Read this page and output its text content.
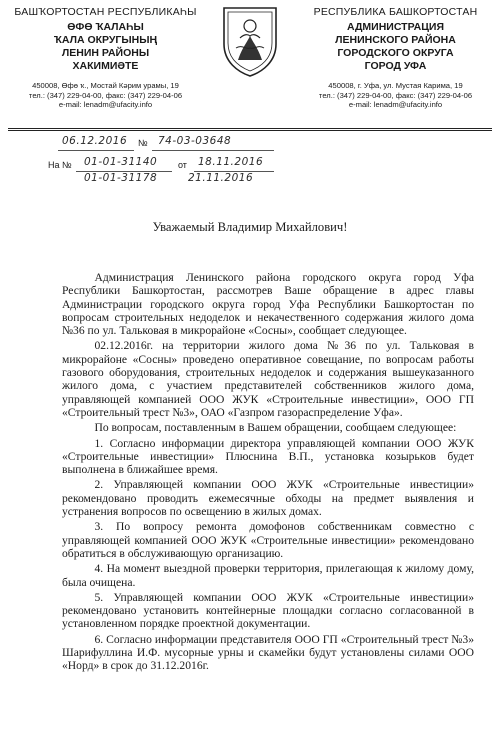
БАШҠОРТОСТАН РЕСПУБЛИКАҺЫ
ӨФӨ ҠАЛАҺЫ
ҠАЛА ОКРУГЫНЫҢ
ЛЕНИН РАЙОНЫ
ХАКИМИӘТЕ
450008, Өфө ҡ., Мостай Кәрим урамы, 19
тел.: (347) 229-04-00, факс: (347) 229-04-06
e-mail: lenadm@ufacity.info
РЕСПУБЛИКА БАШКОРТОСТАН
АДМИНИСТРАЦИЯ
ЛЕНИНСКОГО РАЙОНА
ГОРОДСКОГО ОКРУГА
ГОРОД УФА
450008, г. Уфа, ул. Мустая Карима, 19
тел.: (347) 229-04-00, факс: (347) 229-04-06
e-mail: lenadm@ufacity.info
06.12.2016 № 74-03-03648
На № 01-01-31140 от 18.11.2016
01-01-31178	21.11.2016
Уважаемый Владимир Михайлович!

Администрация Ленинского района городского округа город Уфа Республики Башкортостан, рассмотрев Ваше обращение в адрес главы Администрации городского округа город Уфа Республики Башкортостан по вопросам строительных недоделок и некачественного содержания жилого дома №36 по ул. Тальковая в микрорайоне «Сосны», сообщает следующее.

02.12.2016г. на территории жилого дома №36 по ул. Тальковая в микрорайоне «Сосны» проведено оперативное совещание, по вопросам работы газового оборудования, строительных недоделок и содержания вышеуказанного жилого дома, с участием представителей собственников жилого дома, управляющей компанией ООО ЖУК «Строительные инвестиции», ООО ГП «Строительный трест №3», ОАО «Газпром газораспределение Уфа».

По вопросам, поставленным в Вашем обращении, сообщаем следующее:

1. Согласно информации директора управляющей компании ООО ЖУК «Строительные инвестиции» Плюснина В.П., установка козырьков будет выполнена в ближайшее время.

2. Управляющей компании ООО ЖУК «Строительные инвестиции» рекомендовано проводить ежемесячные обходы на предмет выявления и устранения вопросов по освещению в жилых домах.

3. По вопросу ремонта домофонов собственникам совместно с управляющей компанией ООО ЖУК «Строительные инвестиции» рекомендовано обратиться в обслуживающую организацию.

4. На момент выездной проверки территория, прилегающая к жилому дому, была очищена.

5. Управляющей компании ООО ЖУК «Строительные инвестиции» рекомендовано установить контейнерные площадки согласно согласованной в установленном порядке проектной документации.

6. Согласно информации представителя ООО ГП «Строительный трест №3» Шарифуллина И.Ф. мусорные урны и скамейки будут установлены силами ООО «Норд» в срок до 31.12.2016г.
